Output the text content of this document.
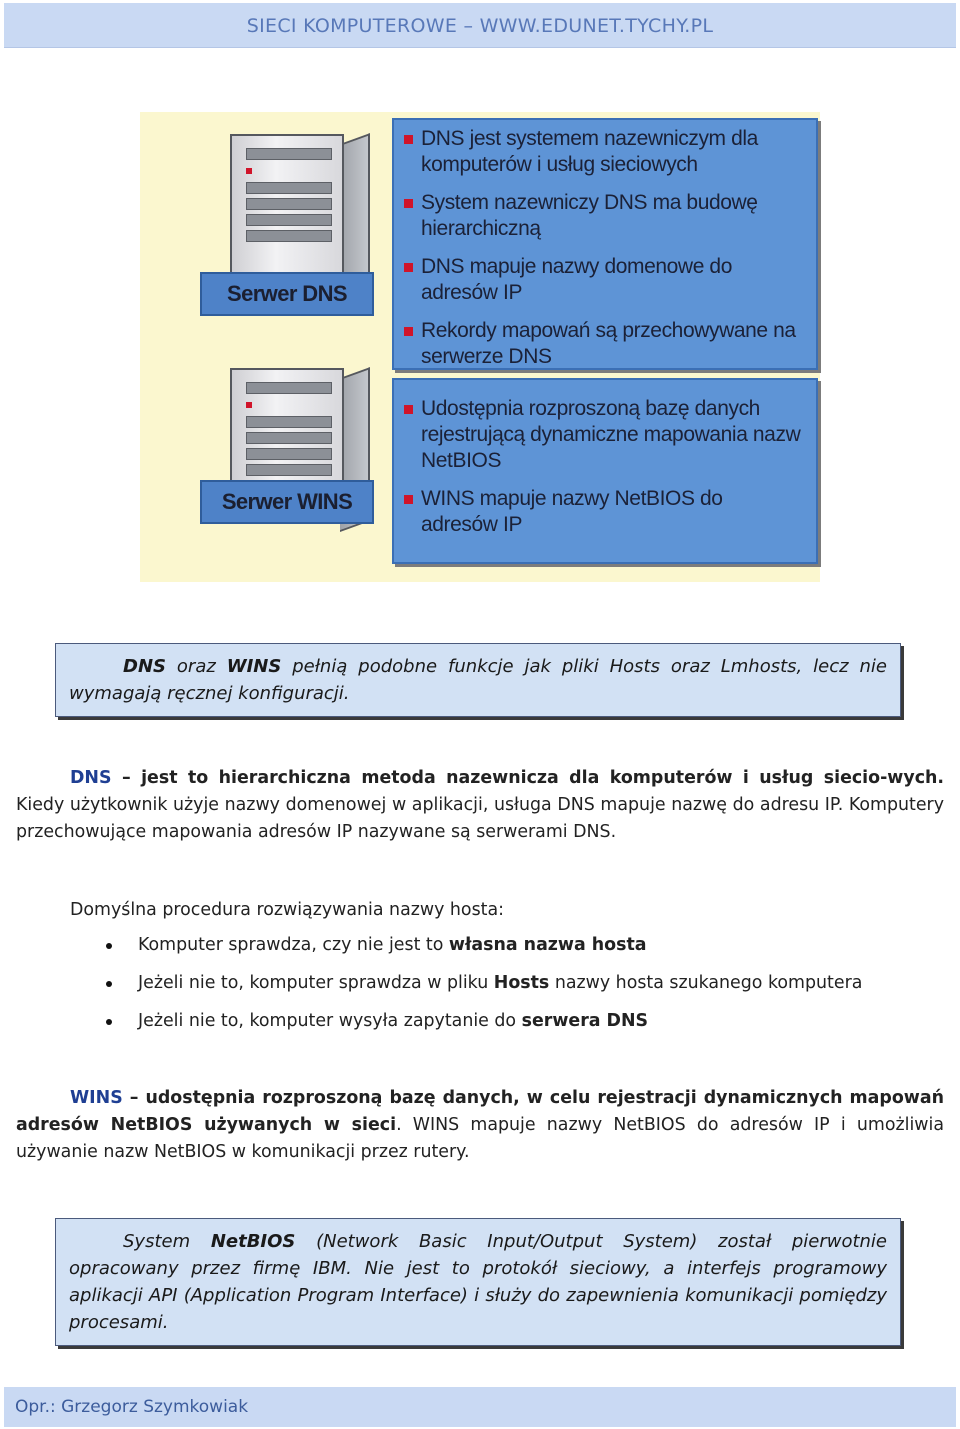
SIECI KOMPUTEROWE – WWW.EDUNET.TYCHY.PL
Serwer DNS
Serwer WINS
DNS jest systemem nazewniczym dla komputerów i usług sieciowych
System nazewniczy DNS ma budowę hierarchiczną
DNS mapuje nazwy domenowe do adresów IP
Rekordy mapowań są przechowywane na serwerze DNS
Udostępnia rozproszoną bazę danych rejestrującą dynamiczne mapowania nazw NetBIOS
WINS mapuje nazwy NetBIOS do adresów IP

DNS oraz WINS pełnią podobne funkcje jak pliki Hosts oraz Lmhosts, lecz nie wymagają ręcznej konfiguracji.

DNS – jest to hierarchiczna metoda nazewnicza dla komputerów i usług siecio-wych. Kiedy użytkownik użyje nazwy domenowej w aplikacji, usługa DNS mapuje nazwę do adresu IP. Komputery przechowujące mapowania adresów IP nazywane są serwerami DNS.

Domyślna procedura rozwiązywania nazwy hosta:

Komputer sprawdza, czy nie jest to własna nazwa hosta
Jeżeli nie to, komputer sprawdza w pliku Hosts nazwy hosta szukanego komputera
Jeżeli nie to, komputer wysyła zapytanie do serwera DNS

WINS – udostępnia rozproszoną bazę danych, w celu rejestracji dynamicznych mapowań adresów NetBIOS używanych w sieci. WINS mapuje nazwy NetBIOS do adresów IP i umożliwia używanie nazw NetBIOS w komunikacji przez rutery.

System NetBIOS (Network Basic Input/Output System) został pierwotnie opracowany przez firmę IBM. Nie jest to protokół sieciowy, a interfejs programowy aplikacji API (Application Program Interface) i służy do zapewnienia komunikacji pomiędzy procesami.

Opr.: Grzegorz Szymkowiak
